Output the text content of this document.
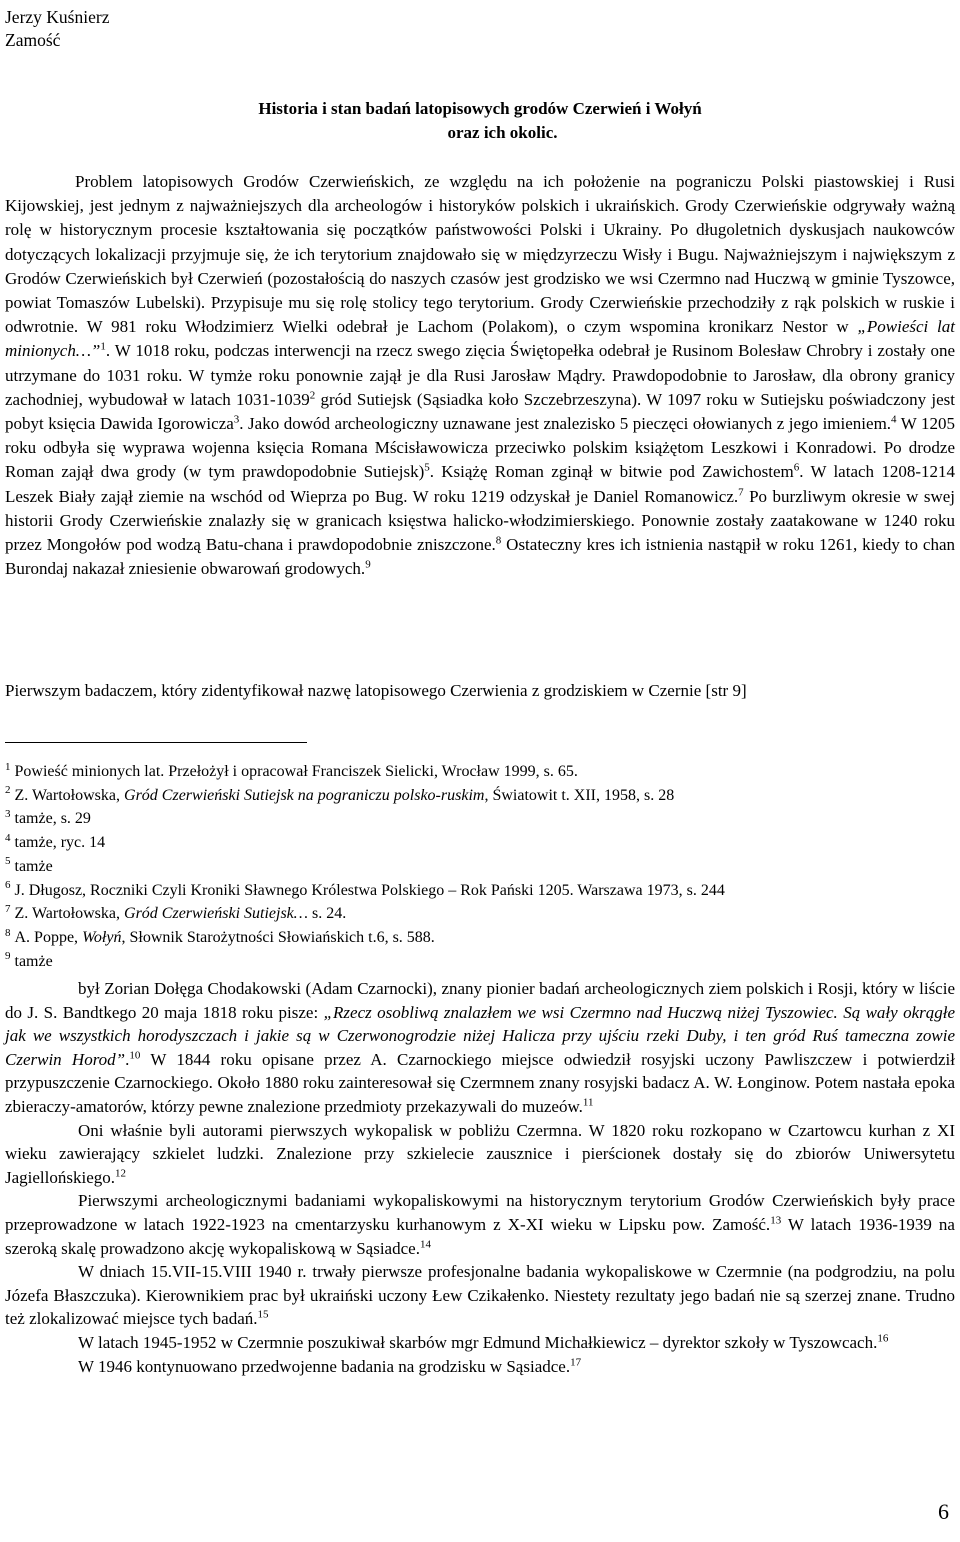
Jerzy Kuśnierz
Zamość
Historia i stan badań latopisowych grodów Czerwień i Wołyń
oraz ich okolic.

Problem latopisowych Grodów Czerwieńskich, ze względu na ich położenie na pograniczu Polski piastowskiej i Rusi Kijowskiej, jest jednym z najważniejszych dla archeologów i historyków polskich i ukraińskich. Grody Czerwieńskie odgrywały ważną rolę w historycznym procesie kształtowania się początków państwowości Polski i Ukrainy. Po długoletnich dyskusjach naukowców dotyczących lokalizacji przyjmuje się, że ich terytorium znajdowało się w międzyrzeczu Wisły i Bugu. Najważniejszym i największym z Grodów Czerwieńskich był Czerwień (pozostałością do naszych czasów jest grodzisko we wsi Czermno nad Huczwą w gminie Tyszowce, powiat Tomaszów Lubelski). Przypisuje mu się rolę stolicy tego terytorium. Grody Czerwieńskie przechodziły z rąk polskich w ruskie i odwrotnie. W 981 roku Włodzimierz Wielki odebrał je Lachom (Polakom), o czym wspomina kronikarz Nestor w „Powieści lat minionych…”$^1$. W 1018 roku, podczas interwencji na rzecz swego zięcia Świętopełka odebrał je Rusinom Bolesław Chrobry i zostały one utrzymane do 1031 roku. W tymże roku ponownie zajął je dla Rusi Jarosław Mądry. Prawdopodobnie to Jarosław, dla obrony granicy zachodniej, wybudował w latach 1031-1039$^2$ gród Sutiejsk (Sąsiadka koło Szczebrzeszyna). W 1097 roku w Sutiejsku poświadczony jest pobyt księcia Dawida Igorowicza$^3$. Jako dowód archeologiczny uznawane jest znalezisko 5 pieczęci ołowianych z jego imieniem.$^4$ W 1205 roku odbyła się wyprawa wojenna księcia Romana Mścisławowicza przeciwko polskim książętom Leszkowi i Konradowi. Po drodze Roman zajął dwa grody (w tym prawdopodobnie Sutiejsk)$^5$. Książę Roman zginął w bitwie pod Zawichostem$^6$. W latach 1208-1214 Leszek Biały zajął ziemie na wschód od Wieprza po Bug. W roku 1219 odzyskał je Daniel Romanowicz.$^7$ Po burzliwym okresie w swej historii Grody Czerwieńskie znalazły się w granicach księstwa halicko-włodzimierskiego. Ponownie zostały zaatakowane w 1240 roku przez Mongołów pod wodzą Batu-chana i prawdopodobnie zniszczone.$^8$ Ostateczny kres ich istnienia nastąpił w roku 1261, kiedy to chan Burondaj nakazał zniesienie obwarowań grodowych.$^9$

Pierwszym badaczem, który zidentyfikował nazwę latopisowego Czerwienia z grodziskiem w Czernie [str 9]

$^1$ Powieść minionych lat. Przełożył i opracował Franciszek Sielicki, Wrocław 1999, s. 65.
$^2$ Z. Wartołowska, Gród Czerwieński Sutiejsk na pograniczu polsko-ruskim, Światowit t. XII, 1958, s. 28
$^3$ tamże, s. 29
$^4$ tamże, ryc. 14
$^5$ tamże
$^6$ J. Długosz, Roczniki Czyli Kroniki Sławnego Królestwa Polskiego – Rok Pański 1205. Warszawa 1973, s. 244
$^7$ Z. Wartołowska, Gród Czerwieński Sutiejsk… s. 24.
$^8$ A. Poppe, Wołyń, Słownik Starożytności Słowiańskich t.6, s. 588.
$^9$ tamże

był Zorian Dołęga Chodakowski (Adam Czarnocki), znany pionier badań archeologicznych ziem polskich i Rosji, który w liście do J. S. Bandtkego 20 maja 1818 roku pisze: „Rzecz osobliwą znalazłem we wsi Czermno nad Huczwą niżej Tyszowiec. Są wały okrągłe jak we wszystkich horodyszczach i jakie są w Czerwonogrodzie niżej Halicza przy ujściu rzeki Duby, i ten gród Ruś tameczna zowie Czerwin Horod”.$^{10}$ W 1844 roku opisane przez A. Czarnockiego miejsce odwiedził rosyjski uczony Pawliszczew i potwierdził przypuszczenie Czarnockiego. Około 1880 roku zainteresował się Czermnem znany rosyjski badacz A. W. Łonginow. Potem nastała epoka zbieraczy-amatorów, którzy pewne znalezione przedmioty przekazywali do muzeów.$^{11}$

Oni właśnie byli autorami pierwszych wykopalisk w pobliżu Czermna. W 1820 roku rozkopano w Czartowcu kurhan z XI wieku zawierający szkielet ludzki. Znalezione przy szkielecie zausznice i pierścionek dostały się do zbiorów Uniwersytetu Jagiellońskiego.$^{12}$

Pierwszymi archeologicznymi badaniami wykopaliskowymi na historycznym terytorium Grodów Czerwieńskich były prace przeprowadzone w latach 1922-1923 na cmentarzysku kurhanowym z X-XI wieku w Lipsku pow. Zamość.$^{13}$ W latach 1936-1939 na szeroką skalę prowadzono akcję wykopaliskową w Sąsiadce.$^{14}$

W dniach 15.VII-15.VIII 1940 r. trwały pierwsze profesjonalne badania wykopaliskowe w Czermnie (na podgrodziu, na polu Józefa Błaszczuka). Kierownikiem prac był ukraiński uczony Łew Czikałenko. Niestety rezultaty jego badań nie są szerzej znane. Trudno też zlokalizować miejsce tych badań.$^{15}$

W latach 1945-1952 w Czermnie poszukiwał skarbów mgr Edmund Michałkiewicz – dyrektor szkoły w Tyszowcach.$^{16}$

W 1946 kontynuowano przedwojenne badania na grodzisku w Sąsiadce.$^{17}$

6
